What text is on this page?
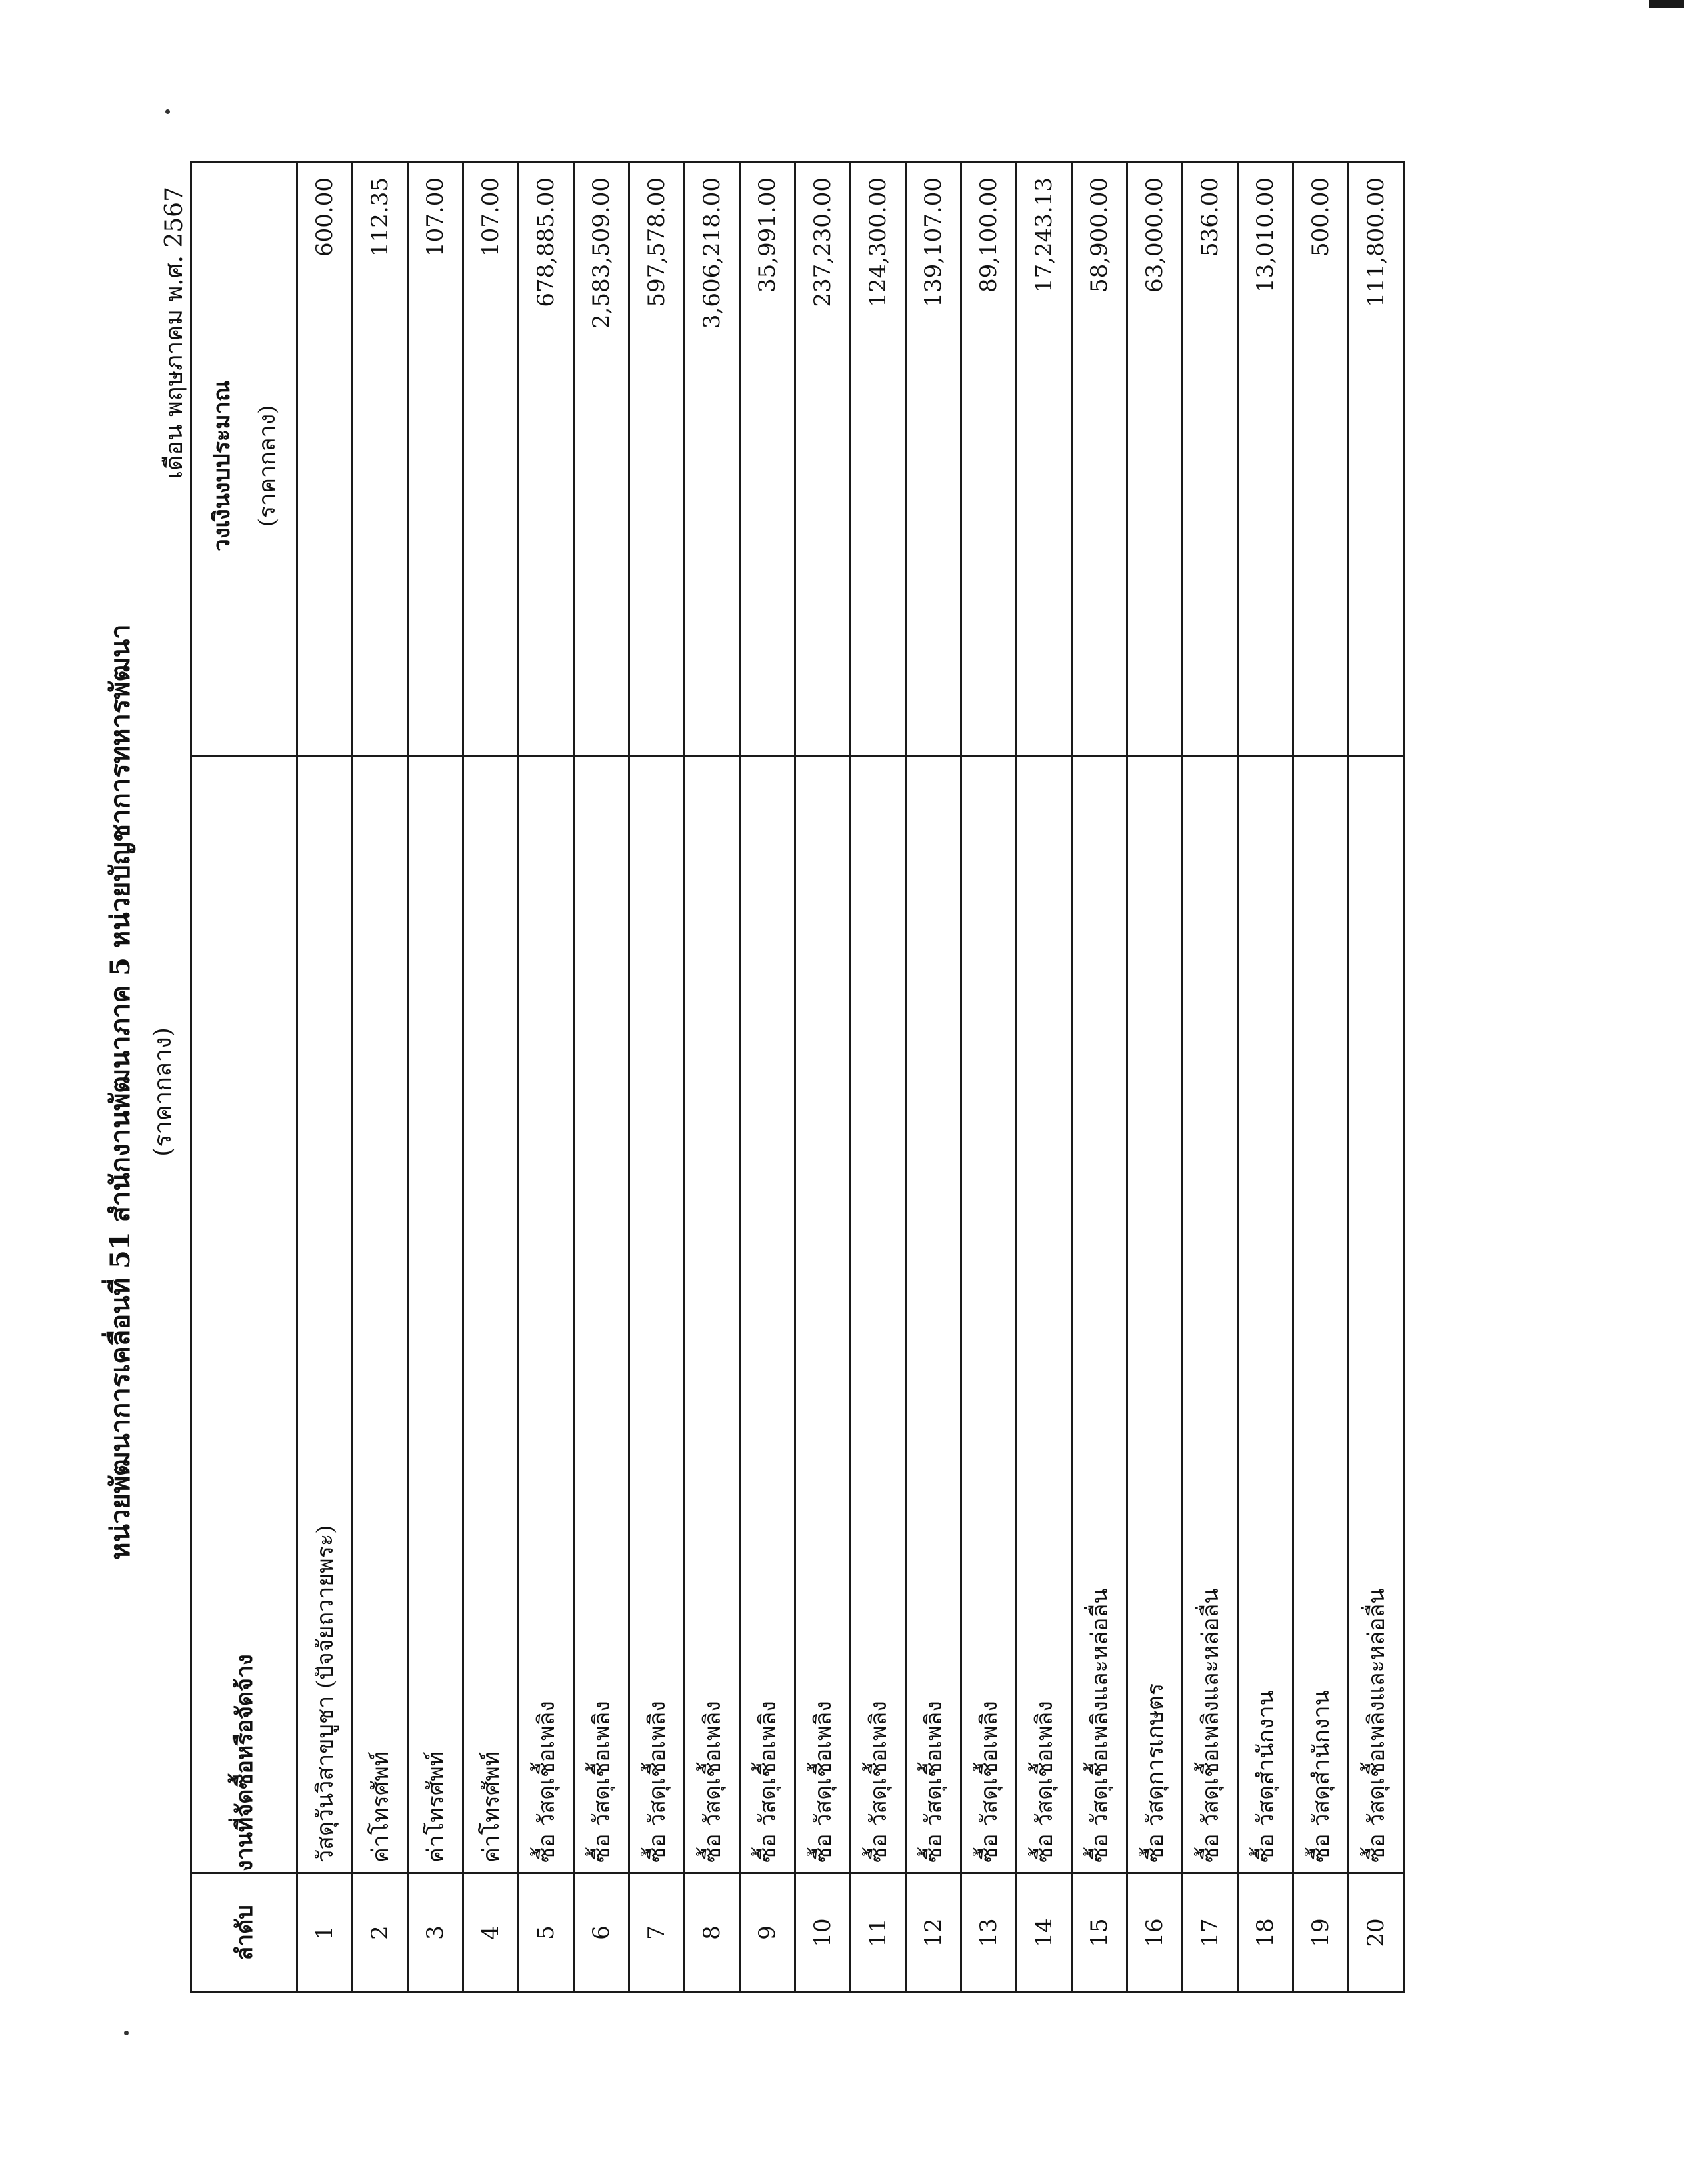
หน่วยพัฒนาการเคลื่อนที่ 51 สำนักงานพัฒนาภาค 5 หน่วยบัญชาการทหารพัฒนา (ราคากลาง)
เดือน พฤษภาคม พ.ศ. 2567
ลำดับ	งานที่จัดซื้อหรือจัดจ้าง	วงเงินงบประมาณ (ราคากลาง)

1	วัสดุวันวิสาขบูชา (ปัจจัยถวายพระ)	600.00
2	ค่าโทรศัพท์	112.35
3	ค่าโทรศัพท์	107.00
4	ค่าโทรศัพท์	107.00
5	ซื้อ วัสดุเชื้อเพลิง	678,885.00
6	ซื้อ วัสดุเชื้อเพลิง	2,583,509.00
7	ซื้อ วัสดุเชื้อเพลิง	597,578.00
8	ซื้อ วัสดุเชื้อเพลิง	3,606,218.00
9	ซื้อ วัสดุเชื้อเพลิง	35,991.00
10	ซื้อ วัสดุเชื้อเพลิง	237,230.00
11	ซื้อ วัสดุเชื้อเพลิง	124,300.00
12	ซื้อ วัสดุเชื้อเพลิง	139,107.00
13	ซื้อ วัสดุเชื้อเพลิง	89,100.00
14	ซื้อ วัสดุเชื้อเพลิง	17,243.13
15	ซื้อ วัสดุเชื้อเพลิงและหล่อลื่น	58,900.00
16	ซื้อ วัสดุการเกษตร	63,000.00
17	ซื้อ วัสดุเชื้อเพลิงและหล่อลื่น	536.00
18	ซื้อ วัสดุสำนักงาน	13,010.00
19	ซื้อ วัสดุสำนักงาน	500.00
20	ซื้อ วัสดุเชื้อเพลิงและหล่อลื่น	111,800.00
